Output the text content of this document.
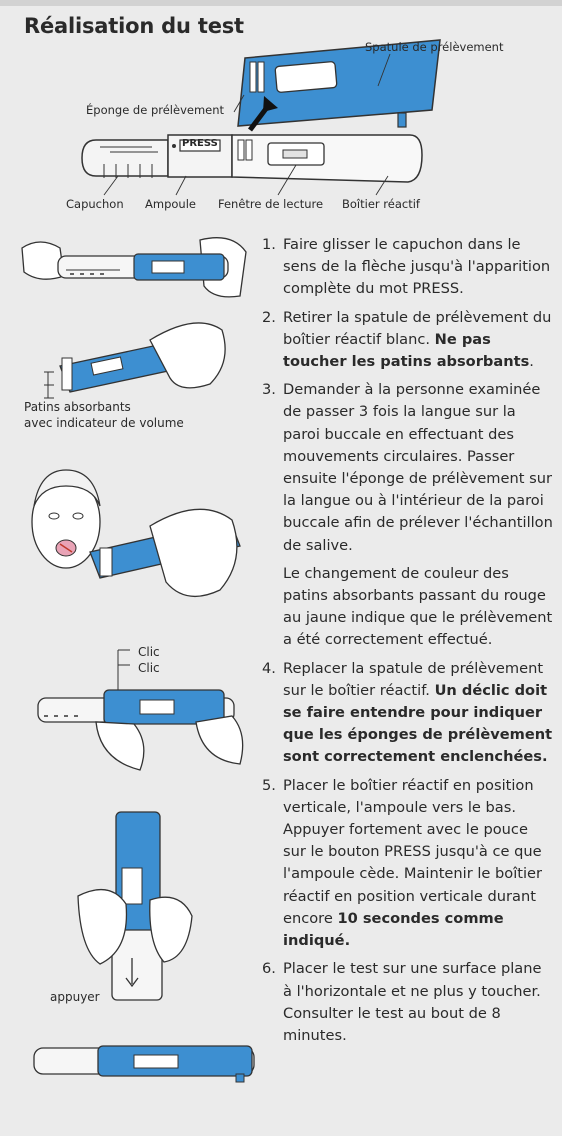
Réalisation du test
Spatule de prélèvement
Éponge de prélèvement
PRESS
Capuchon Ampoule Fenêtre de lecture Boîtier réactif
Patins absorbants
avec indicateur de volume
Clic
Clic
appuyer
1. Faire glisser le capuchon dans le sens de la flèche jusqu'à l'apparition complète du mot PRESS.
2. Retirer la spatule de prélèvement du boîtier réactif blanc. Ne pas toucher les patins absorbants.
3. Demander à la personne examinée de passer 3 fois la langue sur la paroi buccale en effectuant des mouvements circulaires. Passer ensuite l'éponge de prélèvement sur la langue ou à l'intérieur de la paroi buccale afin de prélever l'échantillon de salive.
Le changement de couleur des patins absorbants passant du rouge au jaune indique que le prélèvement a été correctement effectué.
4. Replacer la spatule de prélèvement sur le boîtier réactif. Un déclic doit se faire entendre pour indiquer que les éponges de prélèvement sont correctement enclenchées.
5. Placer le boîtier réactif en position verticale, l'ampoule vers le bas. Appuyer fortement avec le pouce sur le bouton PRESS jusqu'à ce que l'ampoule cède. Maintenir le boîtier réactif en position verticale durant encore 10 secondes comme indiqué.
6. Placer le test sur une surface plane à l'horizontale et ne plus y toucher. Consulter le test au bout de 8 minutes.
